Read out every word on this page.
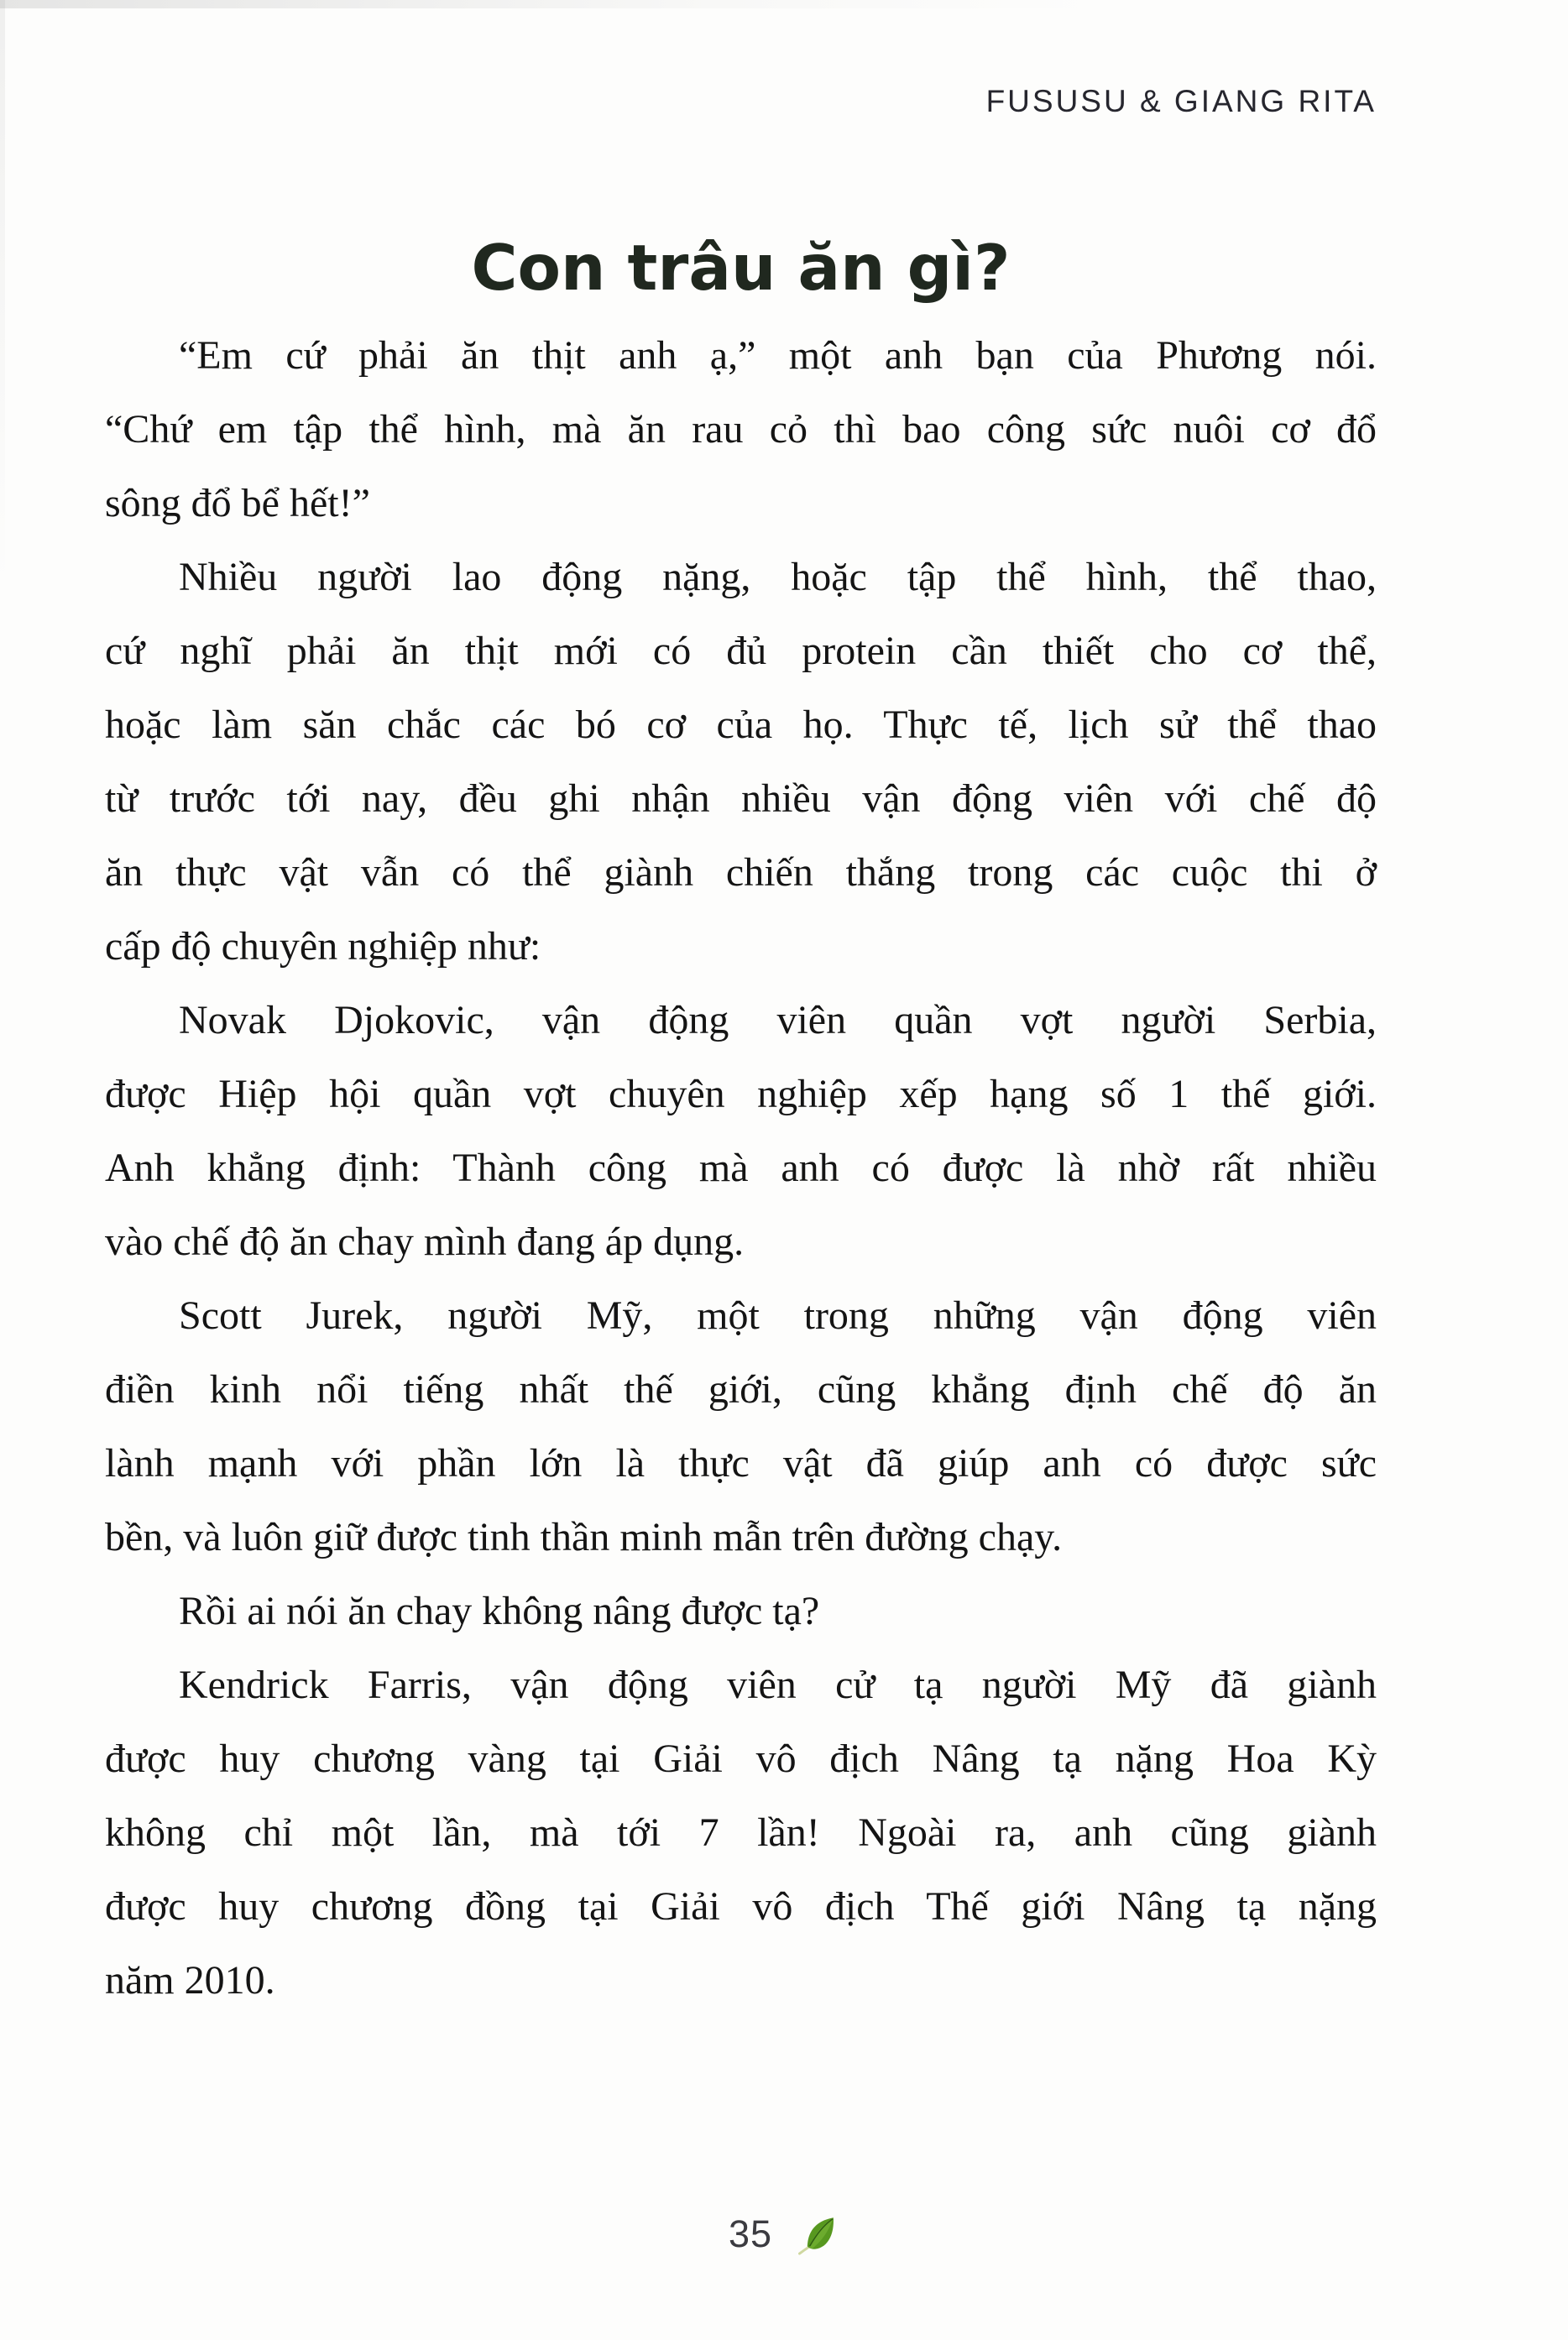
FUSUSU & GIANG RITA
Con trâu ăn gì?
“Em cứ phải ăn thịt anh ạ,” một anh bạn của Phương nói.
“Chứ em tập thể hình, mà ăn rau cỏ thì bao công sức nuôi cơ đổ
sông đổ bể hết!”
Nhiều người lao động nặng, hoặc tập thể hình, thể thao,
cứ nghĩ phải ăn thịt mới có đủ protein cần thiết cho cơ thể,
hoặc làm săn chắc các bó cơ của họ. Thực tế, lịch sử thể thao
từ trước tới nay, đều ghi nhận nhiều vận động viên với chế độ
ăn thực vật vẫn có thể giành chiến thắng trong các cuộc thi ở
cấp độ chuyên nghiệp như:
Novak Djokovic, vận động viên quần vợt người Serbia,
được Hiệp hội quần vợt chuyên nghiệp xếp hạng số 1 thế giới.
Anh khẳng định: Thành công mà anh có được là nhờ rất nhiều
vào chế độ ăn chay mình đang áp dụng.
Scott Jurek, người Mỹ, một trong những vận động viên
điền kinh nổi tiếng nhất thế giới, cũng khẳng định chế độ ăn
lành mạnh với phần lớn là thực vật đã giúp anh có được sức
bền, và luôn giữ được tinh thần minh mẫn trên đường chạy.
Rồi ai nói ăn chay không nâng được tạ?
Kendrick Farris, vận động viên cử tạ người Mỹ đã giành
được huy chương vàng tại Giải vô địch Nâng tạ nặng Hoa Kỳ
không chỉ một lần, mà tới 7 lần! Ngoài ra, anh cũng giành
được huy chương đồng tại Giải vô địch Thế giới Nâng tạ nặng
năm 2010.
35
